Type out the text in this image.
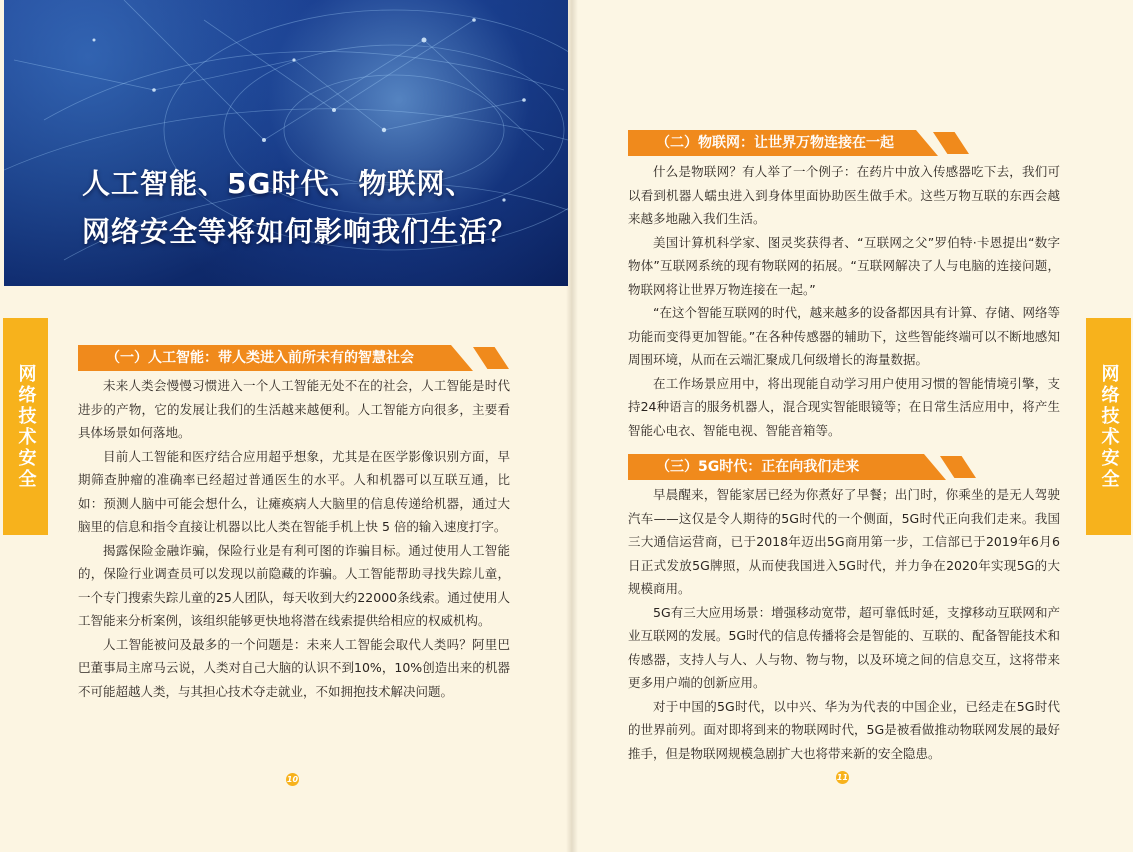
人工智能、5G时代、物联网、
网络安全等将如何影响我们生活？
网络技术安全	网络技术安全
（一）人工智能：带人类进入前所未有的智慧社会

未来人类会慢慢习惯进入一个人工智能无处不在的社会，人工智能是时代进步的产物，它的发展让我们的生活越来越便利。人工智能方向很多，主要看具体场景如何落地。

目前人工智能和医疗结合应用超乎想象，尤其是在医学影像识别方面，早期筛查肿瘤的准确率已经超过普通医生的水平。人和机器可以互联互通，比如：预测人脑中可能会想什么，让瘫痪病人大脑里的信息传递给机器，通过大脑里的信息和指令直接让机器以比人类在智能手机上快 5 倍的输入速度打字。

揭露保险金融诈骗，保险行业是有利可图的诈骗目标。通过使用人工智能的，保险行业调查员可以发现以前隐藏的诈骗。人工智能帮助寻找失踪儿童，一个专门搜索失踪儿童的25人团队，每天收到大约22000条线索。通过使用人工智能来分析案例，该组织能够更快地将潜在线索提供给相应的权威机构。

人工智能被问及最多的一个问题是：未来人工智能会取代人类吗？阿里巴巴董事局主席马云说，人类对自己大脑的认识不到10%，10%创造出来的机器不可能超越人类，与其担心技术夺走就业，不如拥抱技术解决问题。

（二）物联网：让世界万物连接在一起

什么是物联网？有人举了一个例子：在药片中放入传感器吃下去，我们可以看到机器人蠕虫进入到身体里面协助医生做手术。这些万物互联的东西会越来越多地融入我们生活。

美国计算机科学家、图灵奖获得者、“互联网之父”罗伯特·卡恩提出“数字物体”互联网系统的现有物联网的拓展。“互联网解决了人与电脑的连接问题，物联网将让世界万物连接在一起。”

“在这个智能互联网的时代，越来越多的设备都因具有计算、存储、网络等功能而变得更加智能。”在各种传感器的辅助下，这些智能终端可以不断地感知周围环境，从而在云端汇聚成几何级增长的海量数据。

在工作场景应用中，将出现能自动学习用户使用习惯的智能情境引擎，支持24种语言的服务机器人，混合现实智能眼镜等；在日常生活应用中，将产生智能心电衣、智能电视、智能音箱等。

（三）5G时代：正在向我们走来

早晨醒来，智能家居已经为你煮好了早餐；出门时，你乘坐的是无人驾驶汽车——这仅是令人期待的5G时代的一个侧面，5G时代正向我们走来。我国三大通信运营商，已于2018年迈出5G商用第一步，工信部已于2019年6月6日正式发放5G牌照，从而使我国进入5G时代，并力争在2020年实现5G的大规模商用。

5G有三大应用场景：增强移动宽带，超可靠低时延，支撑移动互联网和产业互联网的发展。5G时代的信息传播将会是智能的、互联的、配备智能技术和传感器，支持人与人、人与物、物与物，以及环境之间的信息交互，这将带来更多用户端的创新应用。

对于中国的5G时代，以中兴、华为为代表的中国企业，已经走在5G时代的世界前列。面对即将到来的物联网时代，5G是被看做推动物联网发展的最好推手，但是物联网规模急剧扩大也将带来新的安全隐患。

10	11
